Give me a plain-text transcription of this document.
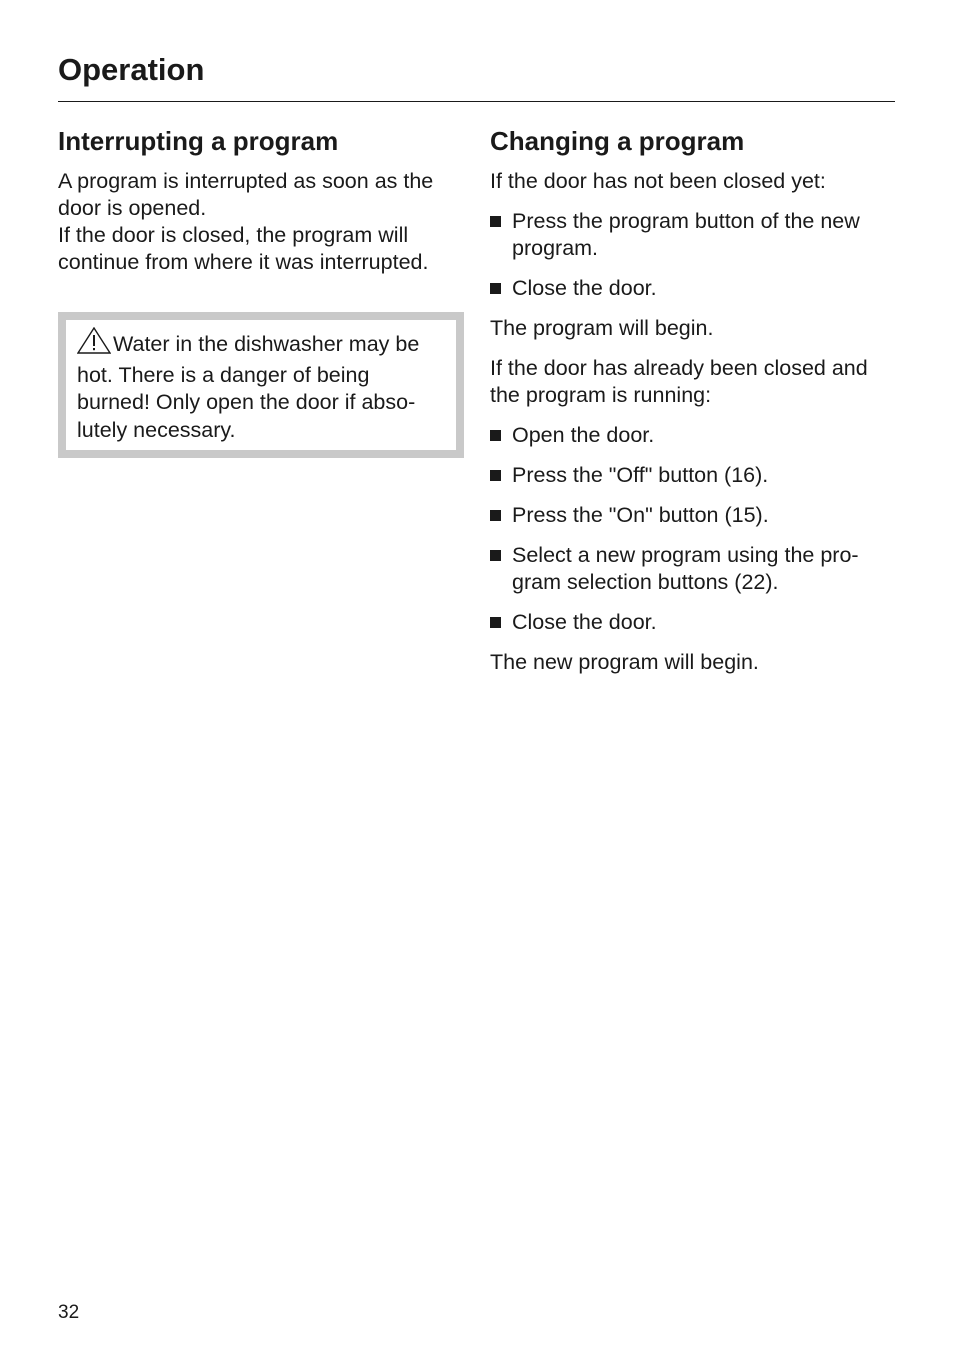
Operation
Interrupting a program

A program is interrupted as soon as the door is opened.

If the door is closed, the program will continue from where it was interrupted.

Water in the dishwasher may be hot. There is a danger of being burned! Only open the door if absolutely necessary.
Changing a program

If the door has not been closed yet:

Press the program button of the new program.
Close the door.

The program will begin.

If the door has already been closed and the program is running:

Open the door.
Press the "Off" button (16).
Press the "On" button (15).
Select a new program using the program selection buttons (22).
Close the door.

The new program will begin.

32
